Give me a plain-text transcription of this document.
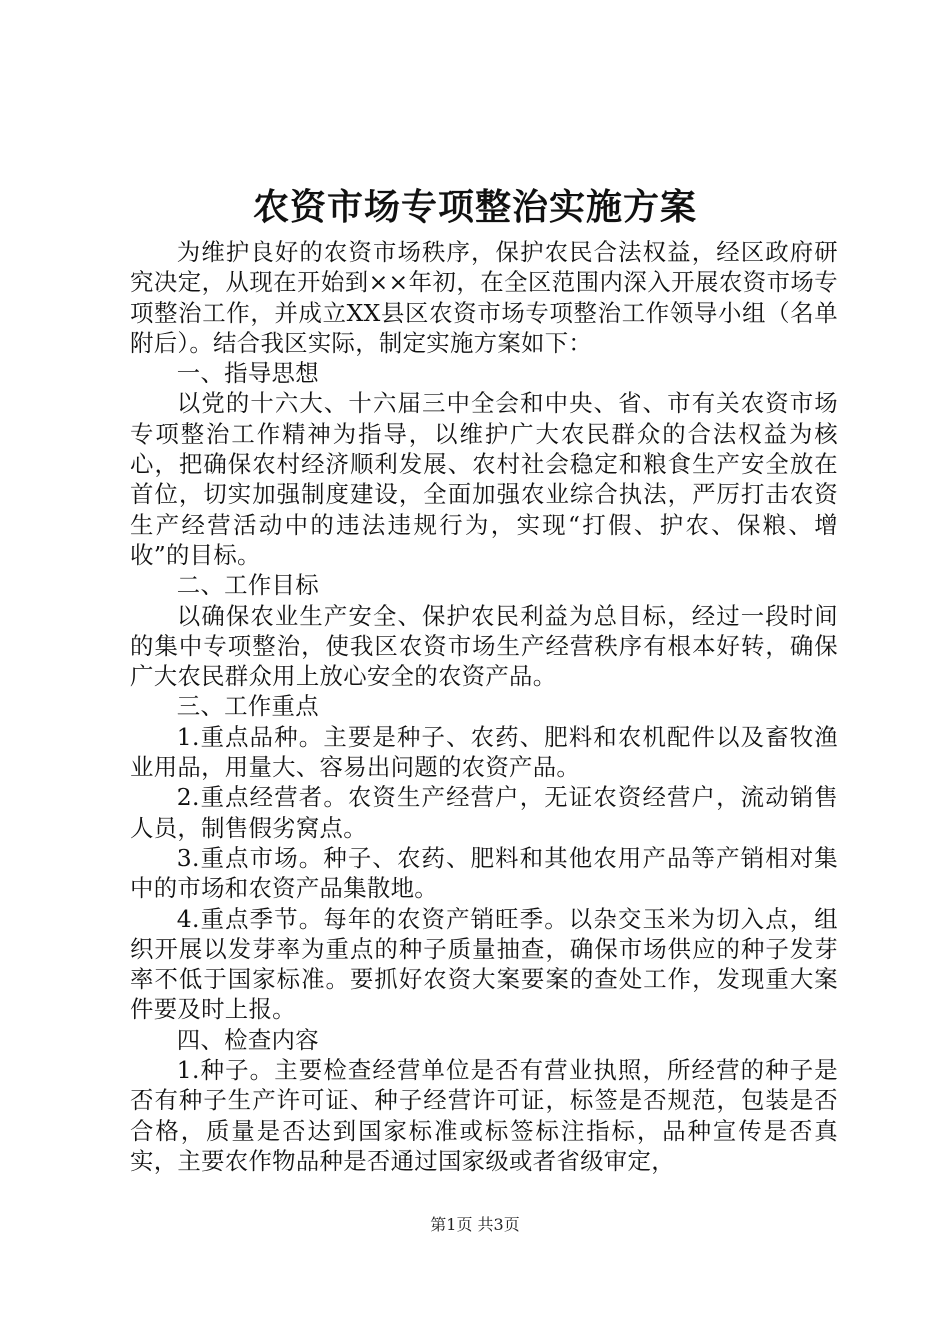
农资市场专项整治实施方案

为维护良好的农资市场秩序，保护农民合法权益，经区政府研究决定，从现在开始到××年初，在全区范围内深入开展农资市场专项整治工作，并成立XX县区农资市场专项整治工作领导小组（名单附后）。结合我区实际，制定实施方案如下：

一、指导思想

以党的十六大、十六届三中全会和中央、省、市有关农资市场专项整治工作精神为指导，以维护广大农民群众的合法权益为核心，把确保农村经济顺利发展、农村社会稳定和粮食生产安全放在首位，切实加强制度建设，全面加强农业综合执法，严厉打击农资生产经营活动中的违法违规行为，实现“打假、护农、保粮、增收”的目标。

二、工作目标

以确保农业生产安全、保护农民利益为总目标，经过一段时间的集中专项整治，使我区农资市场生产经营秩序有根本好转，确保广大农民群众用上放心安全的农资产品。

三、工作重点

1.重点品种。主要是种子、农药、肥料和农机配件以及畜牧渔业用品，用量大、容易出问题的农资产品。

2.重点经营者。农资生产经营户，无证农资经营户，流动销售人员，制售假劣窝点。

3.重点市场。种子、农药、肥料和其他农用产品等产销相对集中的市场和农资产品集散地。

4.重点季节。每年的农资产销旺季。以杂交玉米为切入点，组织开展以发芽率为重点的种子质量抽查，确保市场供应的种子发芽率不低于国家标准。要抓好农资大案要案的查处工作，发现重大案件要及时上报。

四、检查内容

1.种子。主要检查经营单位是否有营业执照，所经营的种子是否有种子生产许可证、种子经营许可证，标签是否规范，包装是否合格，质量是否达到国家标准或标签标注指标，品种宣传是否真实，主要农作物品种是否通过国家级或者省级审定，

第1页 共3页
